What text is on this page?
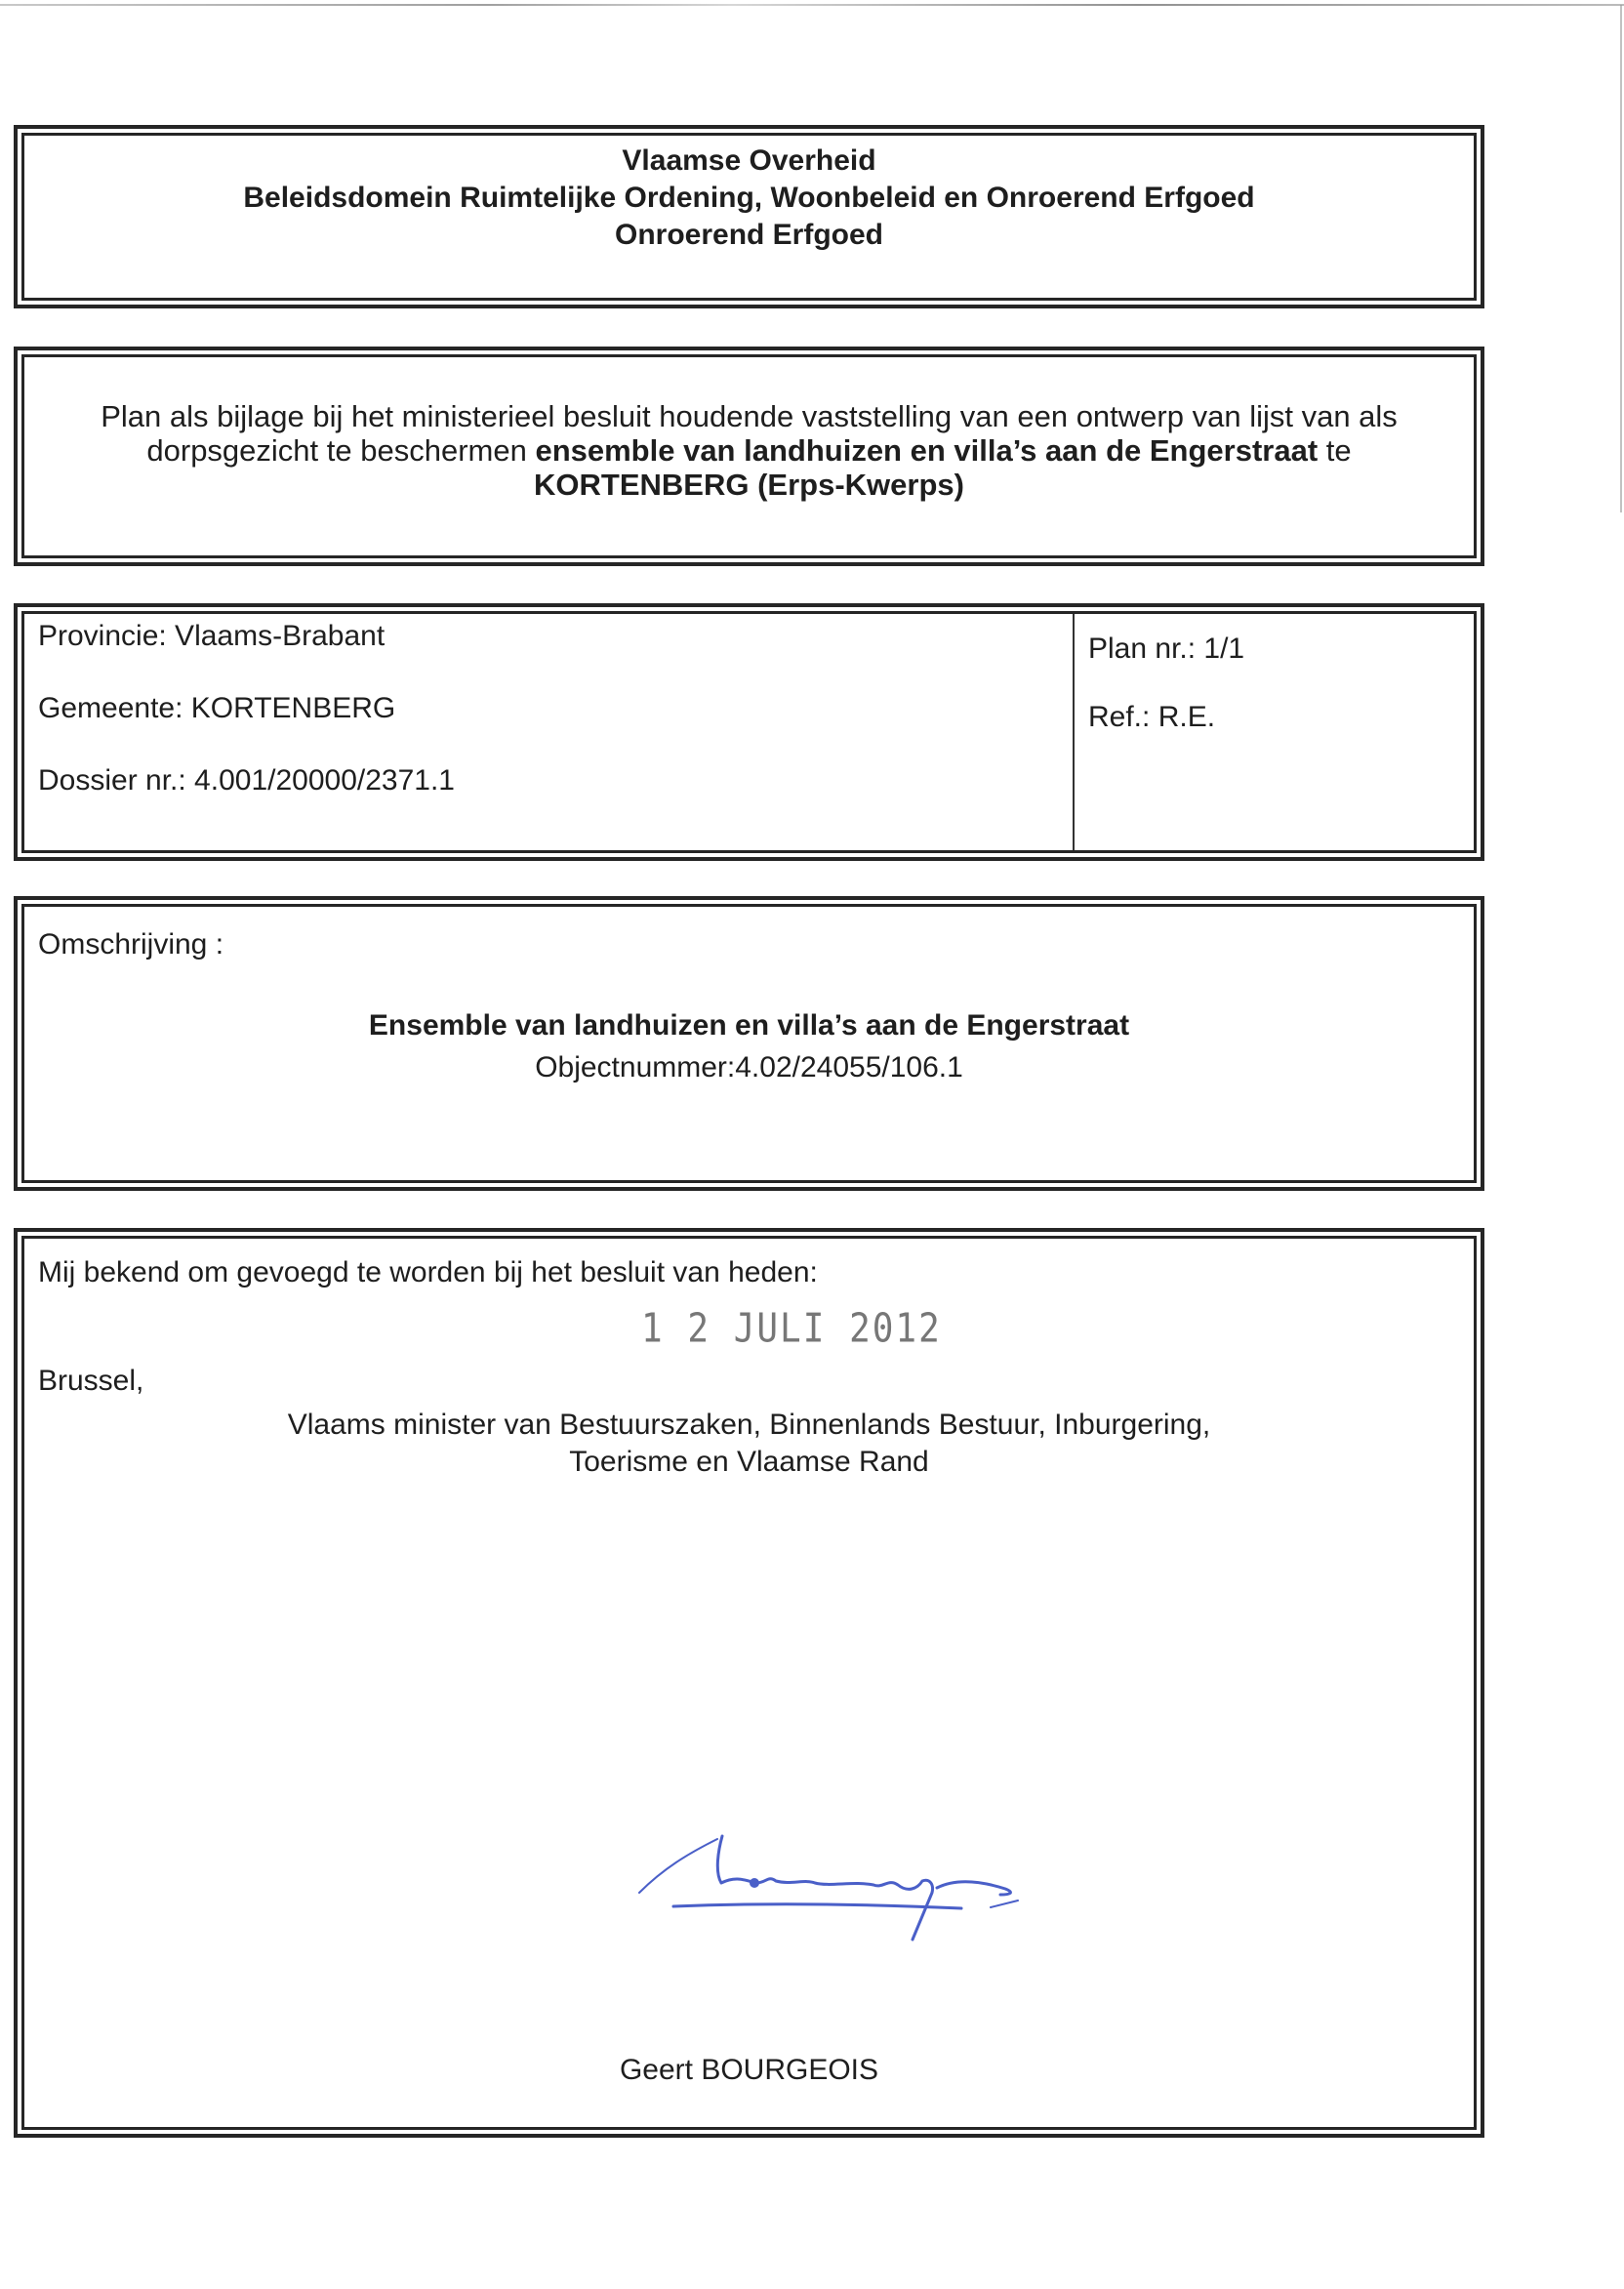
Vlaamse Overheid
Beleidsdomein Ruimtelijke Ordening, Woonbeleid en Onroerend Erfgoed
Onroerend Erfgoed
Plan als bijlage bij het ministerieel besluit houdende vaststelling van een ontwerp van lijst van als dorpsgezicht te beschermen ensemble van landhuizen en villa’s aan de Engerstraat te
KORTENBERG (Erps-Kwerps)
Provincie: Vlaams-Brabant
Gemeente: KORTENBERG
Dossier nr.: 4.001/20000/2371.1
Plan nr.: 1/1
Ref.: R.E.
Omschrijving :
Ensemble van landhuizen en villa’s aan de Engerstraat
Objectnummer:4.02/24055/106.1
Mij bekend om gevoegd te worden bij het besluit van heden:
1 2 JULI 2012
Brussel,
Vlaams minister van Bestuurszaken, Binnenlands Bestuur, Inburgering,
Toerisme en Vlaamse Rand
Geert BOURGEOIS
